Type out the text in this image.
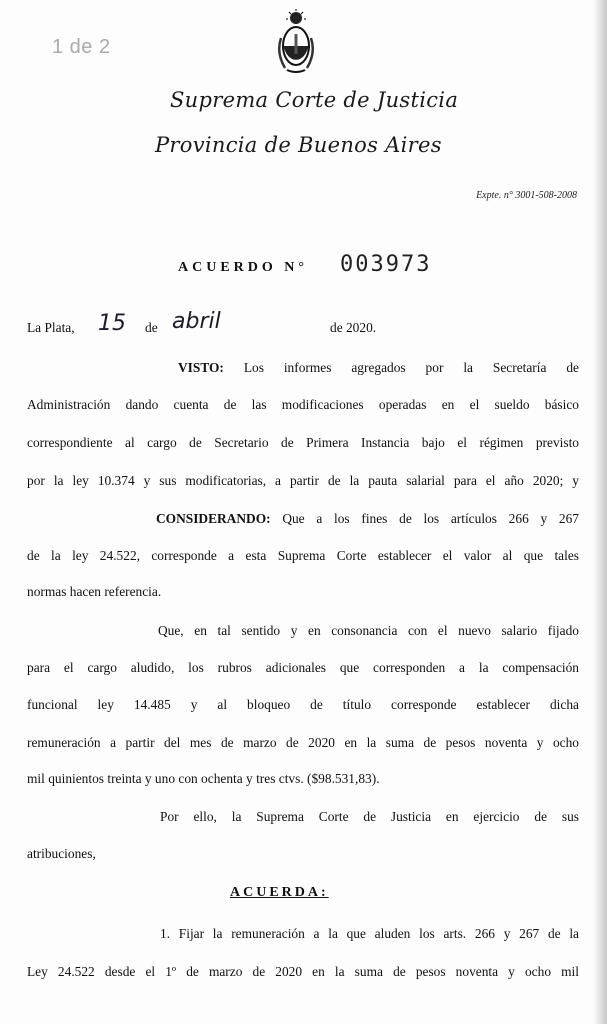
1 de 2
Suprema Corte de Justicia
Provincia de Buenos Aires
Expte. n° 3001-508-2008
ACUERDO N° 003973
La Plata, 15 de abril	de 2020.
VISTO: Los informes agregados por la Secretaría de
Administración dando cuenta de las modificaciones operadas en el sueldo básico
correspondiente al cargo de Secretario de Primera Instancia bajo el régimen previsto
por la ley 10.374 y sus modificatorias, a partir de la pauta salarial para el año 2020; y
CONSIDERANDO: Que a los fines de los artículos 266 y 267
de la ley 24.522, corresponde a esta Suprema Corte establecer el valor al que tales
normas hacen referencia.
Que, en tal sentido y en consonancia con el nuevo salario fijado
para el cargo aludido, los rubros adicionales que corresponden a la compensación
funcional ley 14.485 y al bloqueo de título corresponde establecer dicha
remuneración a partir del mes de marzo de 2020 en la suma de pesos noventa y ocho
mil quinientos treinta y uno con ochenta y tres ctvs. ($98.531,83).
Por ello, la Suprema Corte de Justicia en ejercicio de sus
atribuciones,
ACUERDA:
1. Fijar la remuneración a la que aluden los arts. 266 y 267 de la
Ley 24.522 desde el 1º de marzo de 2020 en la suma de pesos noventa y ocho mil
